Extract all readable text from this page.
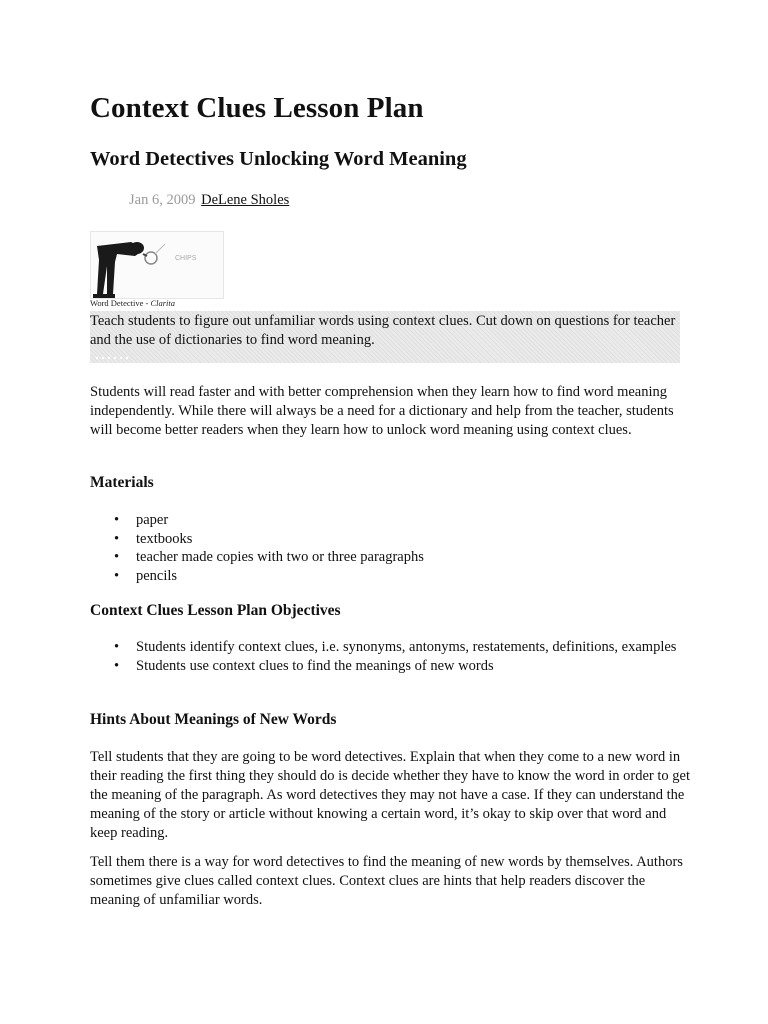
Context Clues Lesson Plan
Word Detectives Unlocking Word Meaning
Jan 6, 2009 DeLene Sholes
CHIPS
Word Detective - Clarita
Teach students to figure out unfamiliar words using context clues. Cut down on questions for teacher and the use of dictionaries to find word meaning.

Students will read faster and with better comprehension when they learn how to find word meaning independently. While there will always be a need for a dictionary and help from the teacher, students will become better readers when they learn how to unlock word meaning using context clues.

Materials
• paper
• textbooks
• teacher made copies with two or three paragraphs
• pencils
Context Clues Lesson Plan Objectives
• Students identify context clues, i.e. synonyms, antonyms, restatements, definitions, examples
• Students use context clues to find the meanings of new words
Hints About Meanings of New Words

Tell students that they are going to be word detectives. Explain that when they come to a new word in their reading the first thing they should do is decide whether they have to know the word in order to get the meaning of the paragraph. As word detectives they may not have a case. If they can understand the meaning of the story or article without knowing a certain word, it’s okay to skip over that word and keep reading.

Tell them there is a way for word detectives to find the meaning of new words by themselves. Authors sometimes give clues called context clues. Context clues are hints that help readers discover the meaning of unfamiliar words.
